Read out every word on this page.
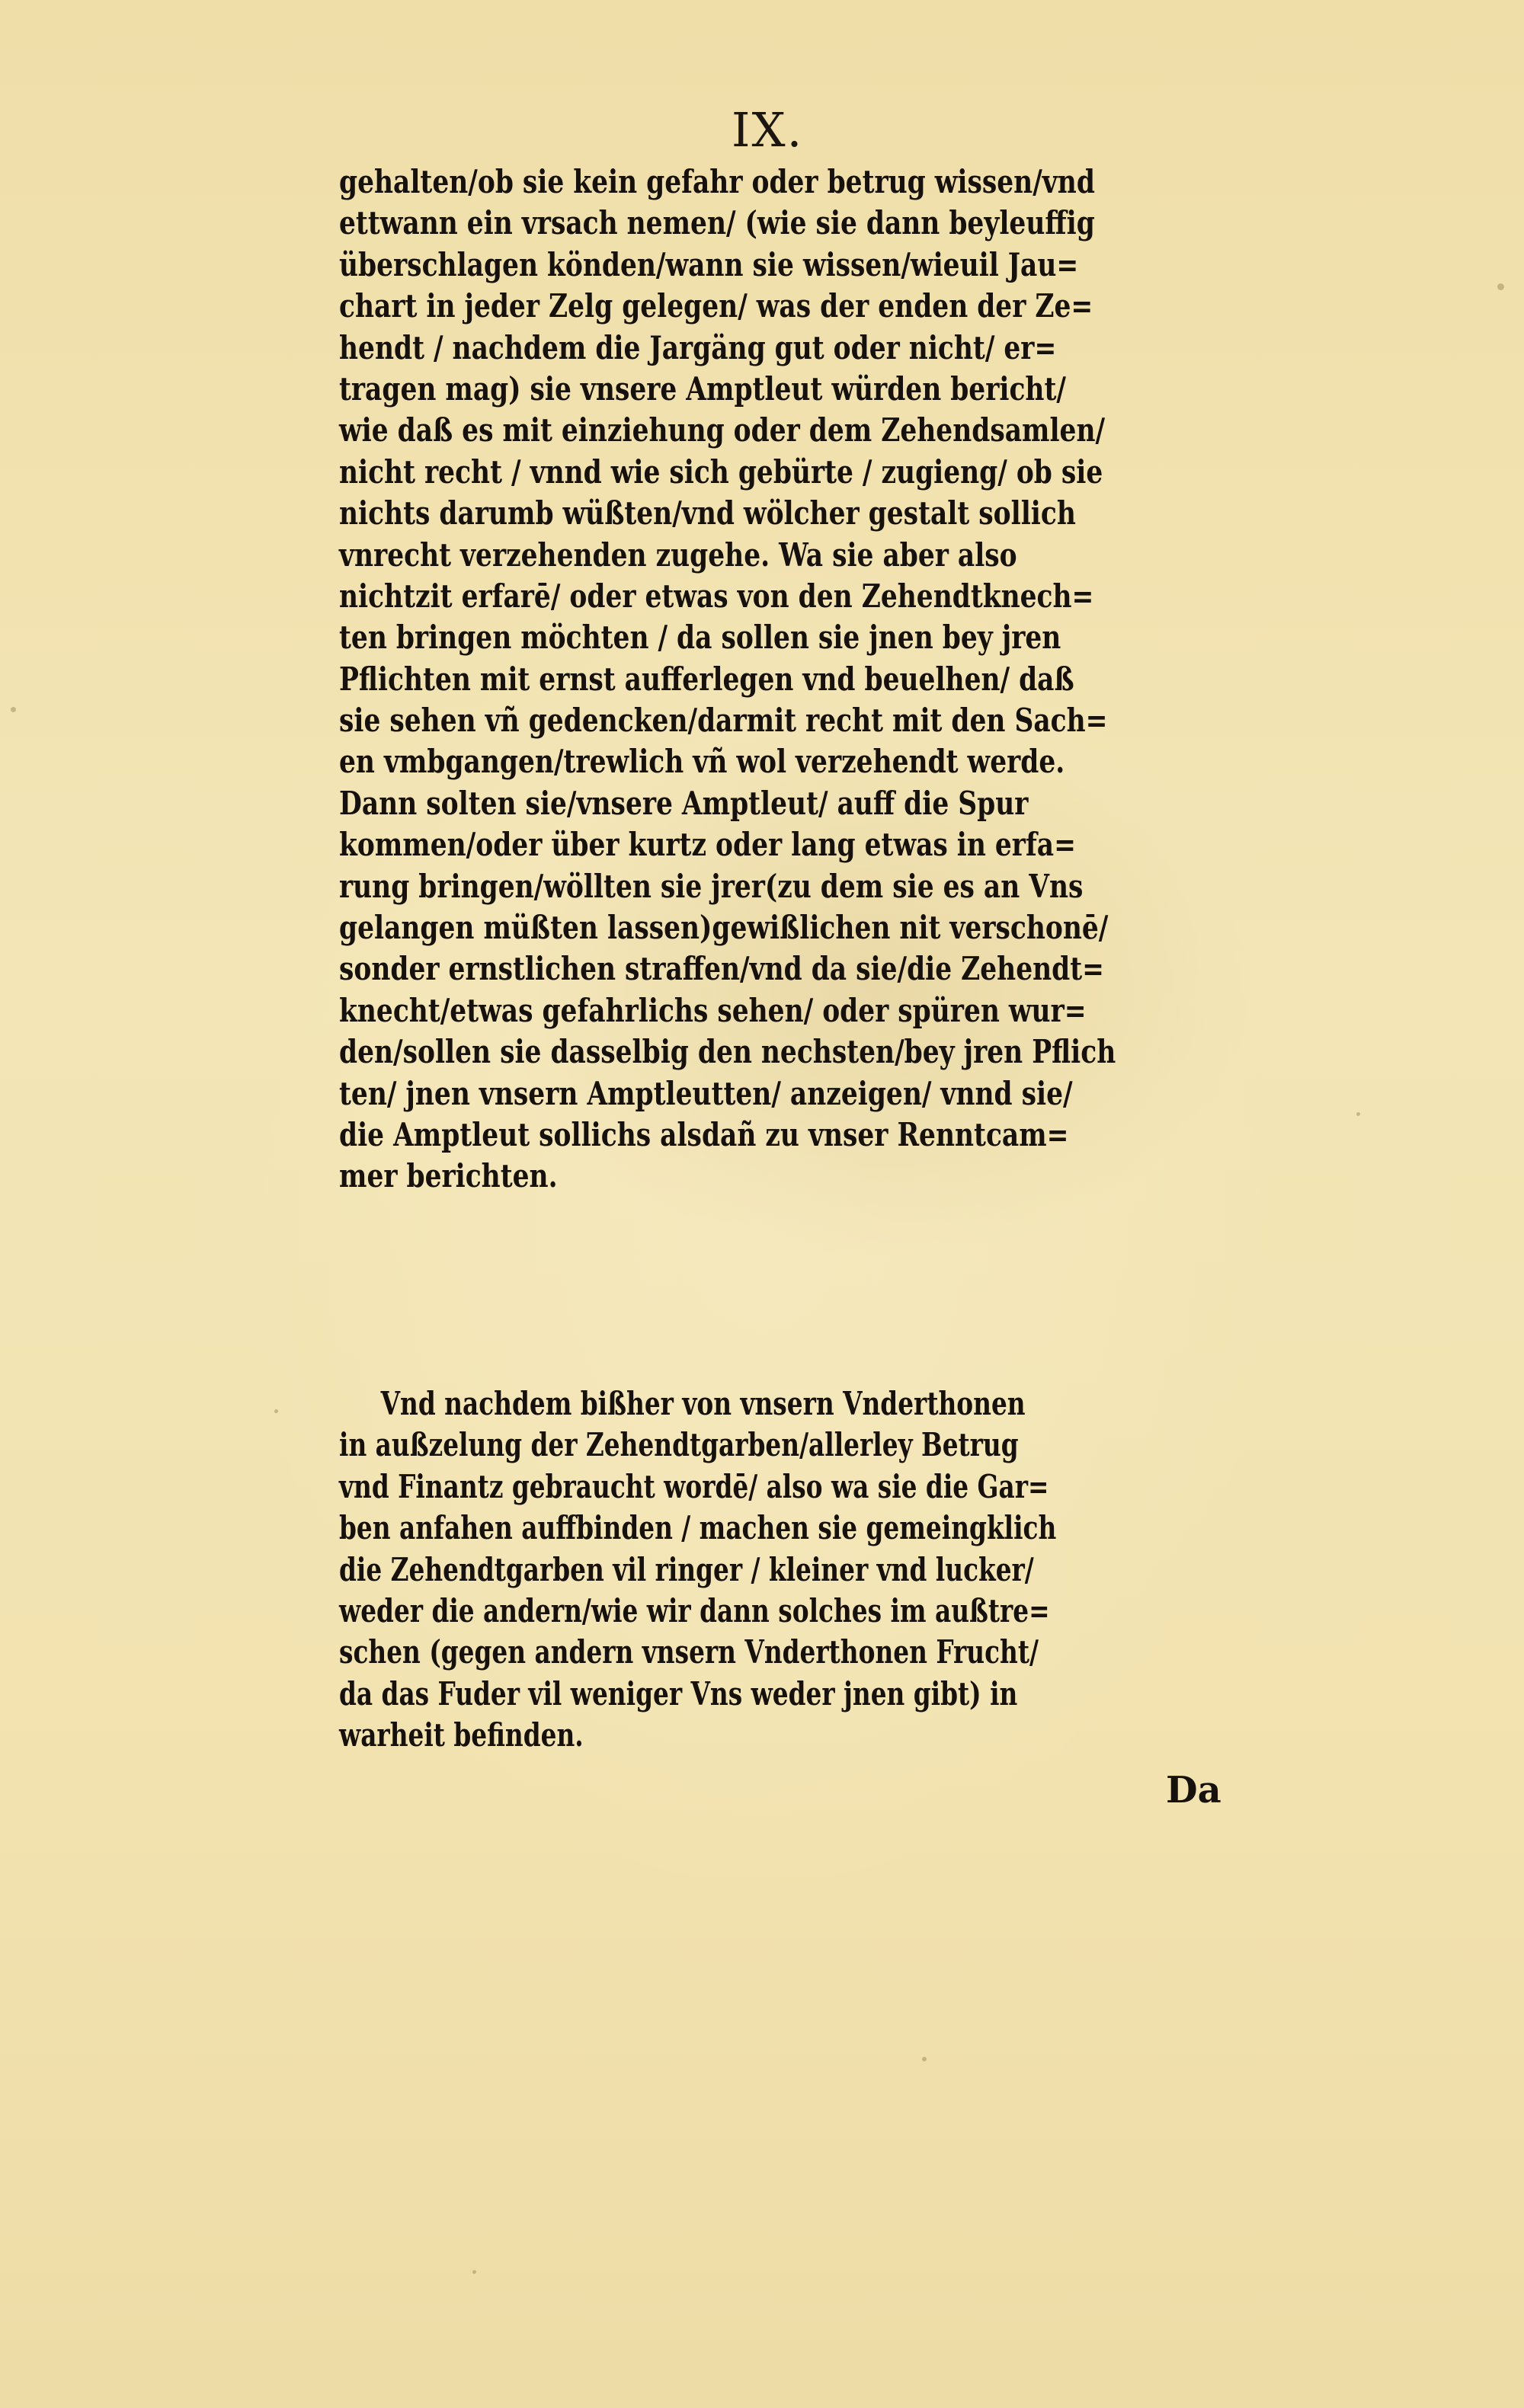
IX.
gehalten/ob sie kein gefahr oder betrug wissen/vnd
ettwann ein vrsach nemen/ (wie sie dann beyleuffig
überschlagen könden/wann sie wissen/wieuil Jau=
chart in jeder Zelg gelegen/ was der enden der Ze=
hendt / nachdem die Jargäng gut oder nicht/ er=
tragen mag) sie vnsere Amptleut würden bericht/
wie daß es mit einziehung oder dem Zehendsamlen/
nicht recht / vnnd wie sich gebürte / zugieng/ ob sie
nichts darumb wüßten/vnd wölcher gestalt sollich
vnrecht verzehenden zugehe. Wa sie aber also
nichtzit erfarē/ oder etwas von den Zehendtknech=
ten bringen möchten / da sollen sie jnen bey jren
Pflichten mit ernst aufferlegen vnd beuelhen/ daß
sie sehen vñ gedencken/darmit recht mit den Sach=
en vmbgangen/trewlich vñ wol verzehendt werde.
Dann solten sie/vnsere Amptleut/ auff die Spur
kommen/oder über kurtz oder lang etwas in erfa=
rung bringen/wöllten sie jrer(zu dem sie es an Vns
gelangen müßten lassen)gewißlichen nit verschonē/
sonder ernstlichen straffen/vnd da sie/die Zehendt=
knecht/etwas gefahrlichs sehen/ oder spüren wur=
den/sollen sie dasselbig den nechsten/bey jren Pflich
ten/ jnen vnsern Amptleutten/ anzeigen/ vnnd sie/
die Amptleut sollichs alsdañ zu vnser Renntcam=
mer berichten.
Vnd nachdem bißher von vnsern Vnderthonen
in außzelung der Zehendtgarben/allerley Betrug
vnd Finantz gebraucht wordē/ also wa sie die Gar=
ben anfahen auffbinden / machen sie gemeingklich
die Zehendtgarben vil ringer / kleiner vnd lucker/
weder die andern/wie wir dann solches im außtre=
schen (gegen andern vnsern Vnderthonen Frucht/
da das Fuder vil weniger Vns weder jnen gibt) in
warheit befinden.
Da
